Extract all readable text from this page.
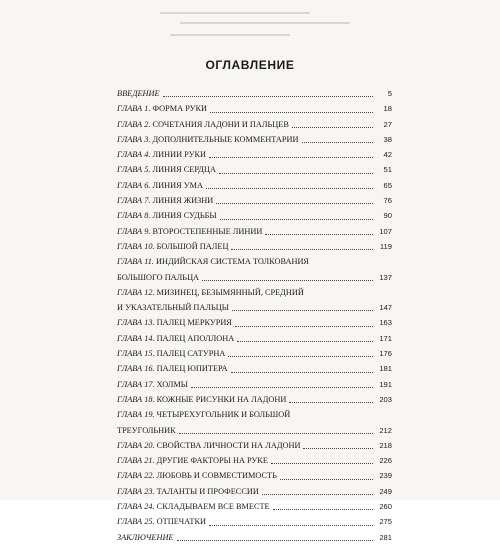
ОГЛАВЛЕНИЕ
ВВЕДЕНИЕ	5
ГЛАВА 1. ФОРМА РУКИ	18
ГЛАВА 2. СОЧЕТАНИЯ ЛАДОНИ И ПАЛЬЦЕВ	27
ГЛАВА 3. ДОПОЛНИТЕЛЬНЫЕ КОММЕНТАРИИ	38
ГЛАВА 4. ЛИНИИ РУКИ	42
ГЛАВА 5. ЛИНИЯ СЕРДЦА	51
ГЛАВА 6. ЛИНИЯ УМА	65
ГЛАВА 7. ЛИНИЯ ЖИЗНИ	76
ГЛАВА 8. ЛИНИЯ СУДЬБЫ	90
ГЛАВА 9. ВТОРОСТЕПЕННЫЕ ЛИНИИ	107
ГЛАВА 10. БОЛЬШОЙ ПАЛЕЦ	119
ГЛАВА 11. ИНДИЙСКАЯ СИСТЕМА ТОЛКОВАНИЯ
БОЛЬШОГО ПАЛЬЦА	137
ГЛАВА 12. МИЗИНЕЦ, БЕЗЫМЯННЫЙ, СРЕДНИЙ
И УКАЗАТЕЛЬНЫЙ ПАЛЬЦЫ	147
ГЛАВА 13. ПАЛЕЦ МЕРКУРИЯ	163
ГЛАВА 14. ПАЛЕЦ АПОЛЛОНА	171
ГЛАВА 15. ПАЛЕЦ САТУРНА	176
ГЛАВА 16. ПАЛЕЦ ЮПИТЕРА	181
ГЛАВА 17. ХОЛМЫ	191
ГЛАВА 18. КОЖНЫЕ РИСУНКИ НА ЛАДОНИ	203
ГЛАВА 19. ЧЕТЫРЕХУГОЛЬНИК И БОЛЬШОЙ
ТРЕУГОЛЬНИК	212
ГЛАВА 20. СВОЙСТВА ЛИЧНОСТИ НА ЛАДОНИ	218
ГЛАВА 21. ДРУГИЕ ФАКТОРЫ НА РУКЕ	226
ГЛАВА 22. ЛЮБОВЬ И СОВМЕСТИМОСТЬ	239
ГЛАВА 23. ТАЛАНТЫ И ПРОФЕССИИ	249
ГЛАВА 24. СКЛАДЫВАЕМ ВСЕ ВМЕСТЕ	260
ГЛАВА 25. ОТПЕЧАТКИ	275
ЗАКЛЮЧЕНИЕ	281
